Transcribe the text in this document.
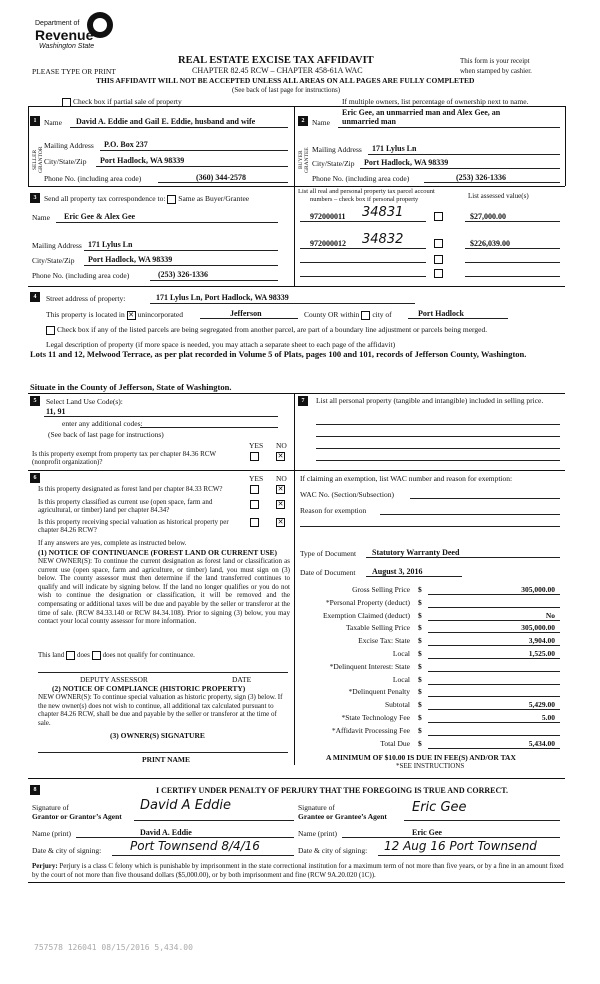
Department of
Revenue
Washington State
REAL ESTATE EXCISE TAX AFFIDAVIT
CHAPTER 82.45 RCW – CHAPTER 458-61A WAC
This form is your receipt
when stamped by cashier.
PLEASE TYPE OR PRINT
THIS AFFIDAVIT WILL NOT BE ACCEPTED UNLESS ALL AREAS ON ALL PAGES ARE FULLY COMPLETED
(See back of last page for instructions)
Check box if partial sale of property	If multiple owners, list percentage of ownership next to name.
1
SELLER GRANTOR
Name David A. Eddie and Gail E. Eddie, husband and wife
Mailing Address P.O. Box 237
City/State/Zip Port Hadlock, WA 98339
Phone No. (including area code)	(360) 344-2578
2
BUYER GRANTEE
Eric Gee, an unmarried man and Alex Gee, an
Name unmarried man
Mailing Address 171 Lylus Ln
City/State/Zip Port Hadlock, WA 98339
Phone No. (including area code)	(253) 326-1336
3	Send all property tax correspondence to: Same as Buyer/Grantee
Name Eric Gee & Alex Gee
Mailing Address 171 Lylus Ln
City/State/Zip Port Hadlock, WA 98339
Phone No. (including area code)	(253) 326-1336
List all real and personal property tax parcel account
numbers – check box if personal property	List assessed value(s)
972000011 34831	$27,000.00
972000012 34832	$226,039.00
4	Street address of property:	171 Lylus Ln, Port Hadlock, WA 98339
This property is located in ✕ unincorporated	Jefferson	County OR within city of	Port Hadlock
Check box if any of the listed parcels are being segregated from another parcel, are part of a boundary line adjustment or parcels being merged.
Legal description of property (if more space is needed, you may attach a separate sheet to each page of the affidavit)
Lots 11 and 12, Melwood Terrace, as per plat recorded in Volume 5 of Plats, pages 100 and 101, records of Jefferson County, Washington.
Situate in the County of Jefferson, State of Washington.
5	Select Land Use Code(s):
11, 91
enter any additional codes:
(See back of last page for instructions)
YES NO
Is this property exempt from property tax per chapter 84.36 RCW (nonprofit organization)?
✕
6	YES NO
Is this property designated as forest land per chapter 84.33 RCW?	✕
Is this property classified as current use (open space, farm and agricultural, or timber) land per chapter 84.34?
✕
Is this property receiving special valuation as historical property per chapter 84.26 RCW?
✕
If any answers are yes, complete as instructed below.
(1) NOTICE OF CONTINUANCE (FOREST LAND OR CURRENT USE)
NEW OWNER(S): To continue the current designation as forest land or classification as current use (open space, farm and agriculture, or timber) land, you must sign on (3) below. The county assessor must then determine if the land transferred continues to qualify and will indicate by signing below. If the land no longer qualifies or you do not wish to continue the designation or classification, it will be removed and the compensating or additional taxes will be due and payable by the seller or transferor at the time of sale. (RCW 84.33.140 or RCW 84.34.108). Prior to signing (3) below, you may contact your local county assessor for more information.
This land does does not qualify for continuance.
DEPUTY ASSESSOR	DATE
(2) NOTICE OF COMPLIANCE (HISTORIC PROPERTY)
NEW OWNER(S): To continue special valuation as historic property, sign (3) below. If the new owner(s) does not wish to continue, all additional tax calculated pursuant to chapter 84.26 RCW, shall be due and payable by the seller or transferor at the time of sale.
(3) OWNER(S) SIGNATURE
PRINT NAME
7	List all personal property (tangible and intangible) included in selling price.
If claiming an exemption, list WAC number and reason for exemption:
WAC No. (Section/Subsection)
Reason for exemption
Type of Document Statutory Warranty Deed
Date of Document August 3, 2016
Gross Selling Price $	305,000.00
*Personal Property (deduct) $
Exemption Claimed (deduct) $	No
Taxable Selling Price $	305,000.00
Excise Tax: State $	3,904.00
Local $	1,525.00
*Delinquent Interest: State $
Local $
*Delinquent Penalty $
Subtotal $	5,429.00
*State Technology Fee $	5.00
*Affidavit Processing Fee $
Total Due $	5,434.00
A MINIMUM OF $10.00 IS DUE IN FEE(S) AND/OR TAX
*SEE INSTRUCTIONS
8	I CERTIFY UNDER PENALTY OF PERJURY THAT THE FOREGOING IS TRUE AND CORRECT.
Signature of
Grantor or Grantor’s Agent
David A Eddie	Signature of
Grantee or Grantee’s Agent
Eric Gee
Name (print)	David A. Eddie	Name (print)	Eric Gee
Date & city of signing: Port Townsend 8/4/16	Date & city of signing: 12 Aug 16 Port Townsend
Perjury: Perjury is a class C felony which is punishable by imprisonment in the state correctional institution for a maximum term of not more than five years, or by a fine in an amount fixed by the court of not more than five thousand dollars ($5,000.00), or by both imprisonment and fine (RCW 9A.20.020 (1C)).
757578 126041 08/15/2016 5,434.00
